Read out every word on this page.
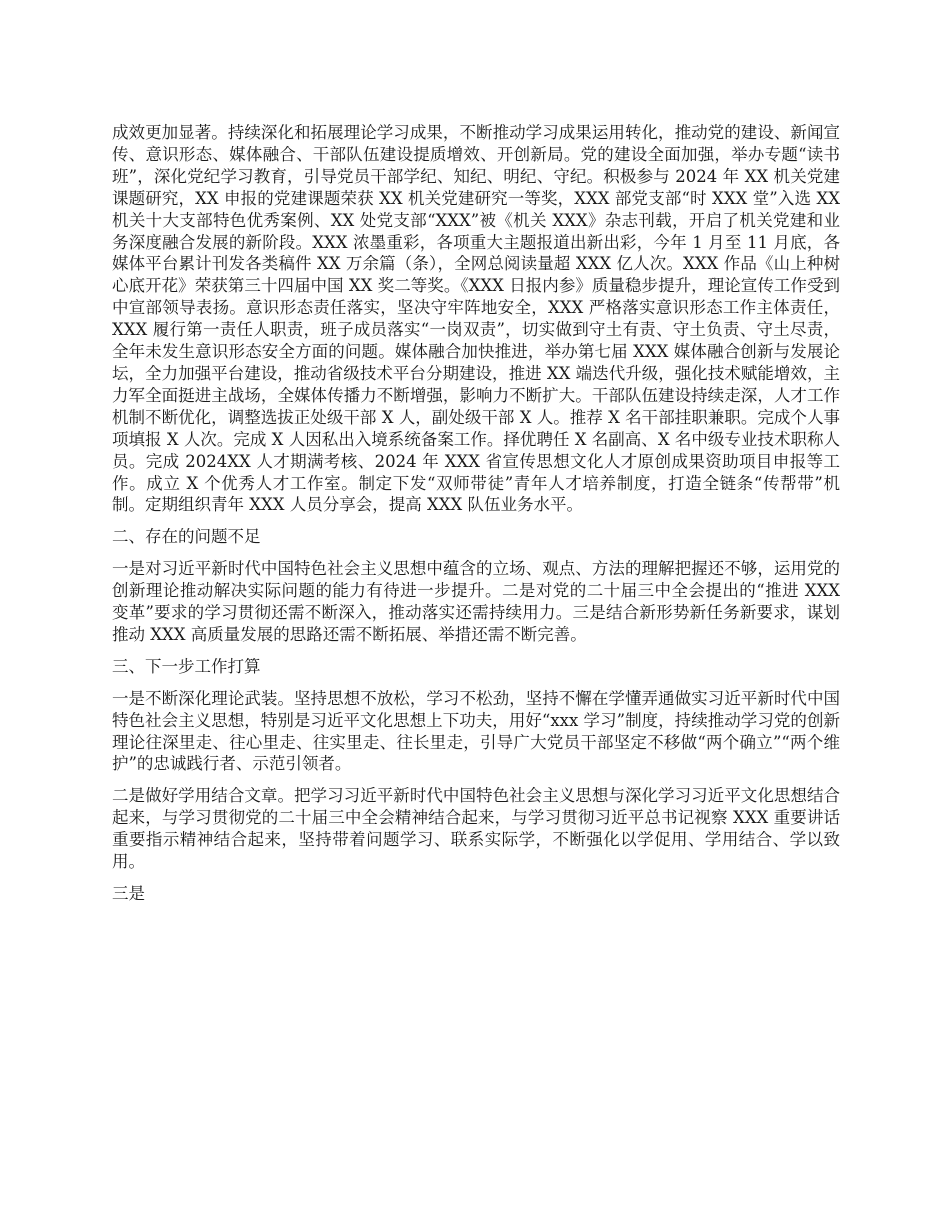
成效更加显著。持续深化和拓展理论学习成果，不断推动学习成果运用转化，推动党的建设、新闻宣传、意识形态、媒体融合、干部队伍建设提质增效、开创新局。党的建设全面加强，举办专题“读书班”，深化党纪学习教育，引导党员干部学纪、知纪、明纪、守纪。积极参与 2024 年 XX 机关党建课题研究，XX 申报的党建课题荣获 XX 机关党建研究一等奖，XXX 部党支部“时 XXX 堂”入选 XX 机关十大支部特色优秀案例、XX 处党支部“XXX”被《机关 XXX》杂志刊载，开启了机关党建和业务深度融合发展的新阶段。XXX 浓墨重彩，各项重大主题报道出新出彩，今年 1 月至 11 月底，各媒体平台累计刊发各类稿件 XX 万余篇（条），全网总阅读量超 XXX 亿人次。XXX 作品《山上种树心底开花》荣获第三十四届中国 XX 奖二等奖。《XXX 日报内参》质量稳步提升，理论宣传工作受到中宣部领导表扬。意识形态责任落实，坚决守牢阵地安全，XXX 严格落实意识形态工作主体责任，XXX 履行第一责任人职责，班子成员落实“一岗双责”，切实做到守土有责、守土负责、守土尽责，全年未发生意识形态安全方面的问题。媒体融合加快推进，举办第七届 XXX 媒体融合创新与发展论坛，全力加强平台建设，推动省级技术平台分期建设，推进 XX 端迭代升级，强化技术赋能增效，主力军全面挺进主战场，全媒体传播力不断增强，影响力不断扩大。干部队伍建设持续走深，人才工作机制不断优化，调整选拔正处级干部 X 人，副处级干部 X 人。推荐 X 名干部挂职兼职。完成个人事项填报 X 人次。完成 X 人因私出入境系统备案工作。择优聘任 X 名副高、X 名中级专业技术职称人员。完成 2024XX 人才期满考核、2024 年 XXX 省宣传思想文化人才原创成果资助项目申报等工作。成立 X 个优秀人才工作室。制定下发“双师带徒”青年人才培养制度，打造全链条“传帮带”机制。定期组织青年 XXX 人员分享会，提高 XXX 队伍业务水平。

二、存在的问题不足

一是对习近平新时代中国特色社会主义思想中蕴含的立场、观点、方法的理解把握还不够，运用党的创新理论推动解决实际问题的能力有待进一步提升。二是对党的二十届三中全会提出的“推进 XXX 变革”要求的学习贯彻还需不断深入，推动落实还需持续用力。三是结合新形势新任务新要求，谋划推动 XXX 高质量发展的思路还需不断拓展、举措还需不断完善。

三、下一步工作打算

一是不断深化理论武装。坚持思想不放松，学习不松劲，坚持不懈在学懂弄通做实习近平新时代中国特色社会主义思想，特别是习近平文化思想上下功夫，用好“xxx 学习”制度，持续推动学习党的创新理论往深里走、往心里走、往实里走、往长里走，引导广大党员干部坚定不移做“两个确立”“两个维护”的忠诚践行者、示范引领者。

二是做好学用结合文章。把学习习近平新时代中国特色社会主义思想与深化学习习近平文化思想结合起来，与学习贯彻党的二十届三中全会精神结合起来，与学习贯彻习近平总书记视察 XXX 重要讲话重要指示精神结合起来，坚持带着问题学习、联系实际学，不断强化以学促用、学用结合、学以致用。

三是
